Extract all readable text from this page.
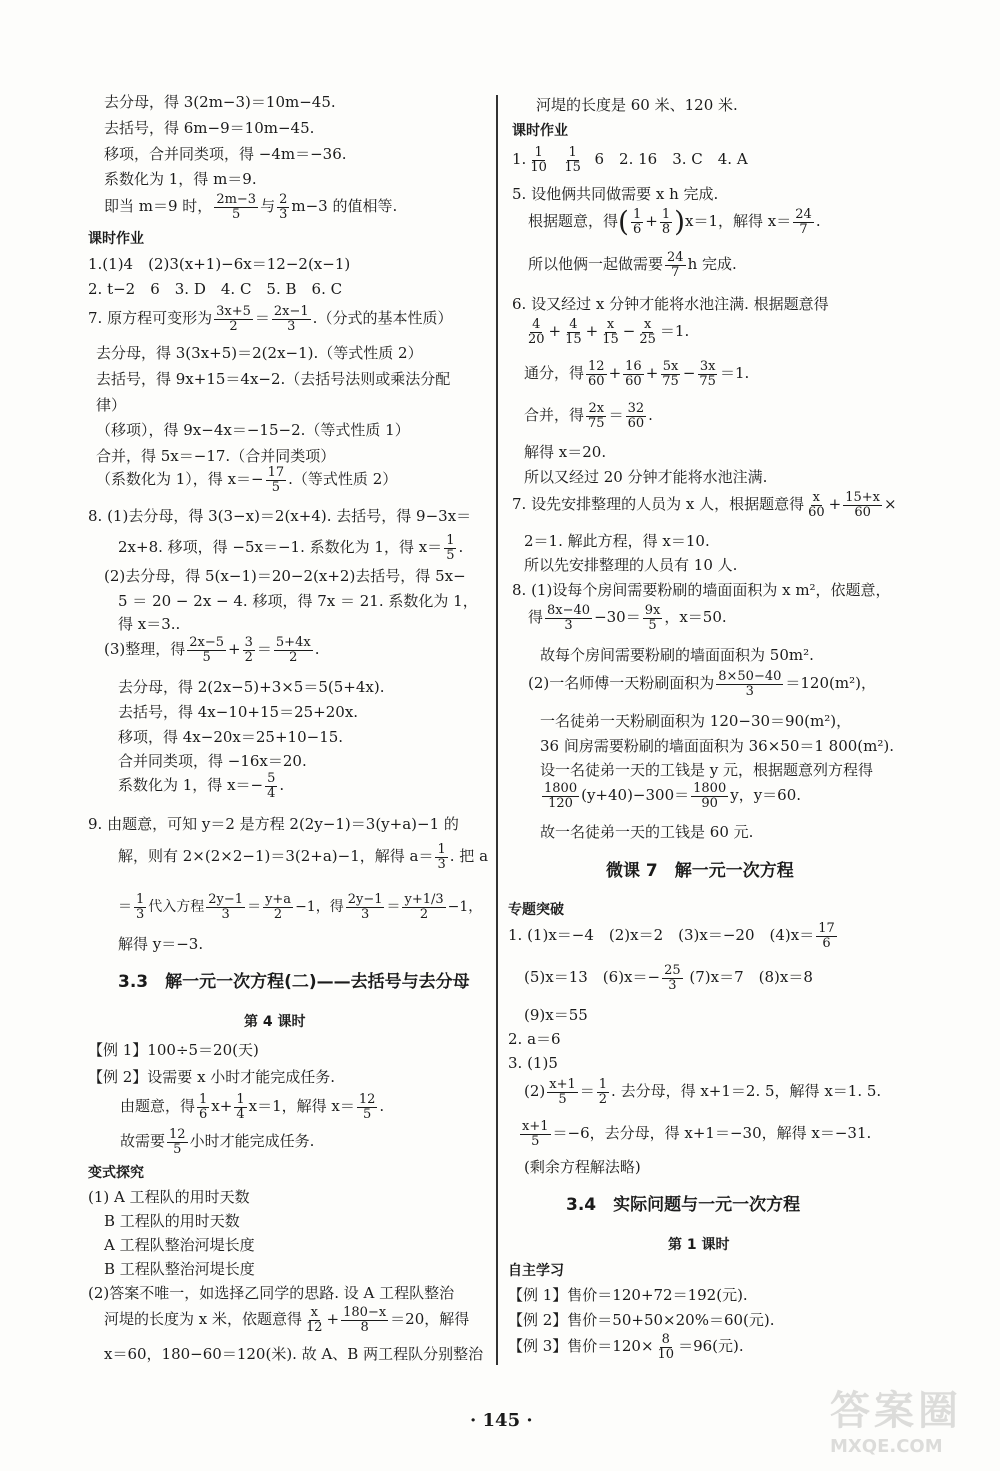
去分母，得 3(2m−3)＝10m−45.
去括号，得 6m−9＝10m−45.
移项，合并同类项，得 −4m＝−36.
系数化为 1，得 m＝9.
即当 m＝9 时， $\frac{2m-3}{5}$ 与 $\frac{2}{3} m-3$ 的值相等.
课时作业
1.(1)4　(2)3(x+1)−6x＝12−2(x−1)
2. t−2　6　3. D　4. C　5. B　6. C
7. 原方程可变形为 $\frac{3x+5}{2} = \frac{2x-1}{3}$ .（分式的基本性质）
去分母，得 3(3x+5)＝2(2x−1).（等式性质 2）
去括号，得 9x+15＝4x−2.（去括号法则或乘法分配
律）
（移项），得 9x−4x＝−15−2.（等式性质 1）
合并，得 5x＝−17.（合并同类项）
（系数化为 1），得 $x=- \frac{17}{5}$ .（等式性质 2）
8. (1)去分母，得 3(3−x)＝2(x+4). 去括号，得 9−3x＝
2x+8. 移项，得 −5x＝−1. 系数化为 1，得 $x= \frac{1}{5}$ .
(2)去分母，得 5(x−1)＝20−2(x+2)去括号，得 5x−
5 ＝ 20 − 2x − 4. 移项，得 7x ＝ 21. 系数化为 1，
得 x＝3..
(3)整理，得 $\frac{2x-5}{5} + \frac{3}{2} = \frac{5+4x}{2}$ .
去分母，得 2(2x−5)+3×5＝5(5+4x).
去括号，得 4x−10+15＝25+20x.
移项，得 4x−20x＝25+10−15.
合并同类项，得 −16x＝20.
系数化为 1，得 $x=- \frac{5}{4}$ .
9. 由题意，可知 y＝2 是方程 2(2y−1)＝3(y+a)−1 的
解，则有 2×(2×2−1)＝3(2+a)−1，解得 $a= \frac{1}{3}$ . 把 a
＝ $\frac{1}{3}$ 代入方程 $\frac{2y-1}{3} = \frac{y+a}{2} -1$，得 $\frac{2y-1}{3} = \frac{y+1/3}{2} -1$，
解得 y＝−3.
3.3　解一元一次方程(二)——去括号与去分母
第 4 课时
【例 1】100÷5＝20(天)
【例 2】设需要 x 小时才能完成任务.
由题意，得 $\frac{1}{6} x+ \frac{1}{4} x=1$，解得 $x= \frac{12}{5}$ .
故需要 $\frac{12}{5}$ 小时才能完成任务.
变式探究
(1) A 工程队的用时天数
B 工程队的用时天数
A 工程队整治河堤长度
B 工程队整治河堤长度
(2)答案不唯一，如选择乙同学的思路. 设 A 工程队整治
河堤的长度为 x 米，依题意得 $\frac{x}{12} + \frac{180-x}{8} =20$，解得
x＝60，180−60＝120(米). 故 A、B 两工程队分别整治
河堤的长度是 60 米、120 米.
课时作业
1. $\frac{1}{10}$
$\frac{1}{15} 6$　2. 16　3. C　4. A
5. 设他俩共同做需要 x h 完成.
根据题意，得( $\frac{1}{6} + \frac{1}{8} )x=1$，解得 $x= \frac{24}{7}$ .
所以他俩一起做需要 $\frac{24}{7}$ h 完成.
6. 设又经过 x 分钟才能将水池注满. 根据题意得
$\frac{4}{20} + \frac{4}{15} + \frac{x}{15} - \frac{x}{25} =1$.
通分，得 $\frac{12}{60} + \frac{16}{60} + \frac{5x}{75} - \frac{3x}{75} =1$.
合并，得 $\frac{2x}{75} = \frac{32}{60}$ .
解得 x＝20.
所以又经过 20 分钟才能将水池注满.
7. 设先安排整理的人员为 x 人，根据题意得 $\frac{x}{60} + \frac{15+x}{60}$ ×
2＝1. 解此方程，得 x＝10.
所以先安排整理的人员有 10 人.
8. (1)设每个房间需要粉刷的墙面面积为 x m²，依题意，
得 $\frac{8x-40}{3} -30= \frac{9x}{5}$ ，x＝50.
故每个房间需要粉刷的墙面面积为 50m².
(2)一名师傅一天粉刷面积为 $\frac{8\times 50-40}{3} =120(m^2)$，
一名徒弟一天粉刷面积为 120−30＝90(m²)，
36 间房需要粉刷的墙面面积为 36×50＝1 800(m²).
设一名徒弟一天的工钱是 y 元，根据题意列方程得
$\frac{1800}{120} (y+40)-300= \frac{1800}{90}$ y，y＝60.
故一名徒弟一天的工钱是 60 元.
微课 7　解一元一次方程
专题突破
1. (1)x＝−4　(2)x＝2　(3)x＝−20　$(4)x= \frac{17}{6}$
(5)x＝13　$(6)x=- \frac{25}{3} (7)x=7$　(8)x＝8
(9)x＝55
2. a＝6
3. (1)5
$(2) \frac{x+1}{5} = \frac{1}{2}$ . 去分母，得 x+1＝2. 5，解得 x＝1. 5.
$\frac{x+1}{5} =-6$，去分母，得 x+1＝−30，解得 x＝−31.
(剩余方程解法略)
3.4　实际问题与一元一次方程
第 1 课时
自主学习
【例 1】售价＝120+72＝192(元).
【例 2】售价＝50+50×20%＝60(元).
【例 3】售价$=120\times \frac{8}{10} =96$(元).
· 145 ·	答案圈
MXQE.COM
